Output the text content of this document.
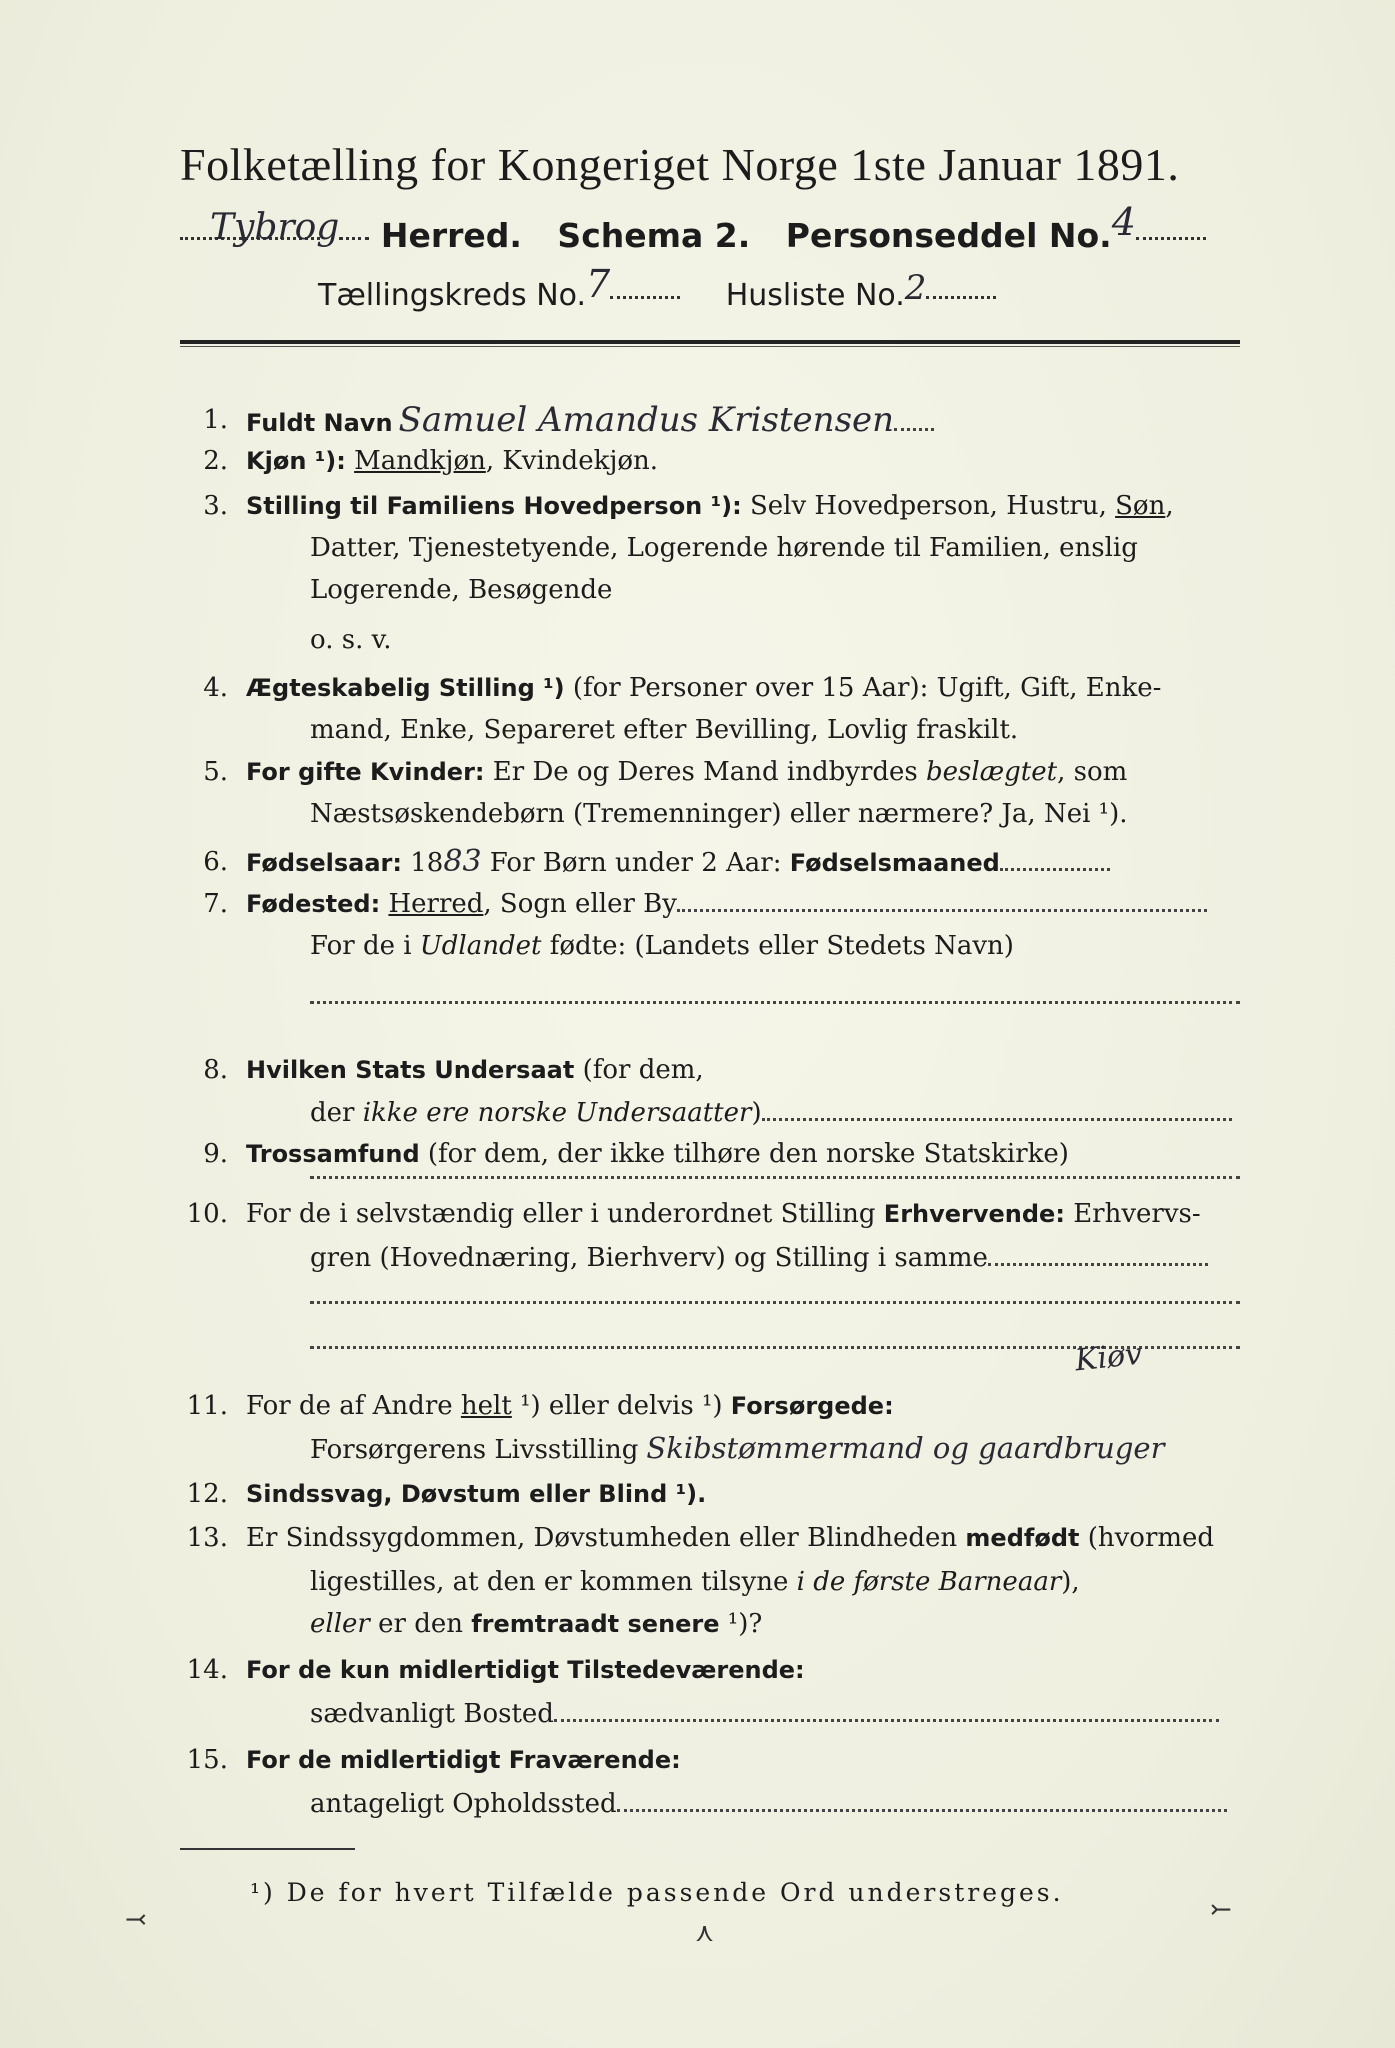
Folketælling for Kongeriget Norge 1ste Januar 1891.
Tybrog Herred. Schema 2. Personseddel No.4
Tællingskreds No.7	Husliste No.2
1. Fuldt Navn Samuel Amandus Kristensen
2. Kjøn ¹): Mandkjøn, Kvindekjøn.
3. Stilling til Familiens Hovedperson ¹): Selv Hovedperson, Hustru, Søn,
Datter, Tjenestetyende, Logerende hørende til Familien, enslig
Logerende, Besøgende
o. s. v.
4. Ægteskabelig Stilling ¹) (for Personer over 15 Aar): Ugift, Gift, Enke-
mand, Enke, Separeret efter Bevilling, Lovlig fraskilt.
5. For gifte Kvinder: Er De og Deres Mand indbyrdes beslægtet, som
Næstsøskendebørn (Tremenninger) eller nærmere? Ja, Nei ¹).
6. Fødselsaar: 1883 For Børn under 2 Aar: Fødselsmaaned
7. Fødested: Herred, Sogn eller By
For de i Udlandet fødte: (Landets eller Stedets Navn)
8. Hvilken Stats Undersaat (for dem,
der ikke ere norske Undersaatter)
9. Trossamfund (for dem, der ikke tilhøre den norske Statskirke)
10. For de i selvstændig eller i underordnet Stilling Erhvervende: Erhvervs-
gren (Hovednæring, Bierhverv) og Stilling i samme
Kiøv
11. For de af Andre helt ¹) eller delvis ¹) Forsørgede:
Forsørgerens Livsstilling Skibstømmermand og gaardbruger
12. Sindssvag, Døvstum eller Blind ¹).
13. Er Sindssygdommen, Døvstumheden eller Blindheden medfødt (hvormed
ligestilles, at den er kommen tilsyne i de første Barneaar),
eller er den fremtraadt senere ¹)?
14. For de kun midlertidigt Tilstedeværende:
sædvanligt Bosted
15. For de midlertidigt Fraværende:
antageligt Opholdssted
¹) De for hvert Tilfælde passende Ord understreges.
⤙	⋏
⤚
